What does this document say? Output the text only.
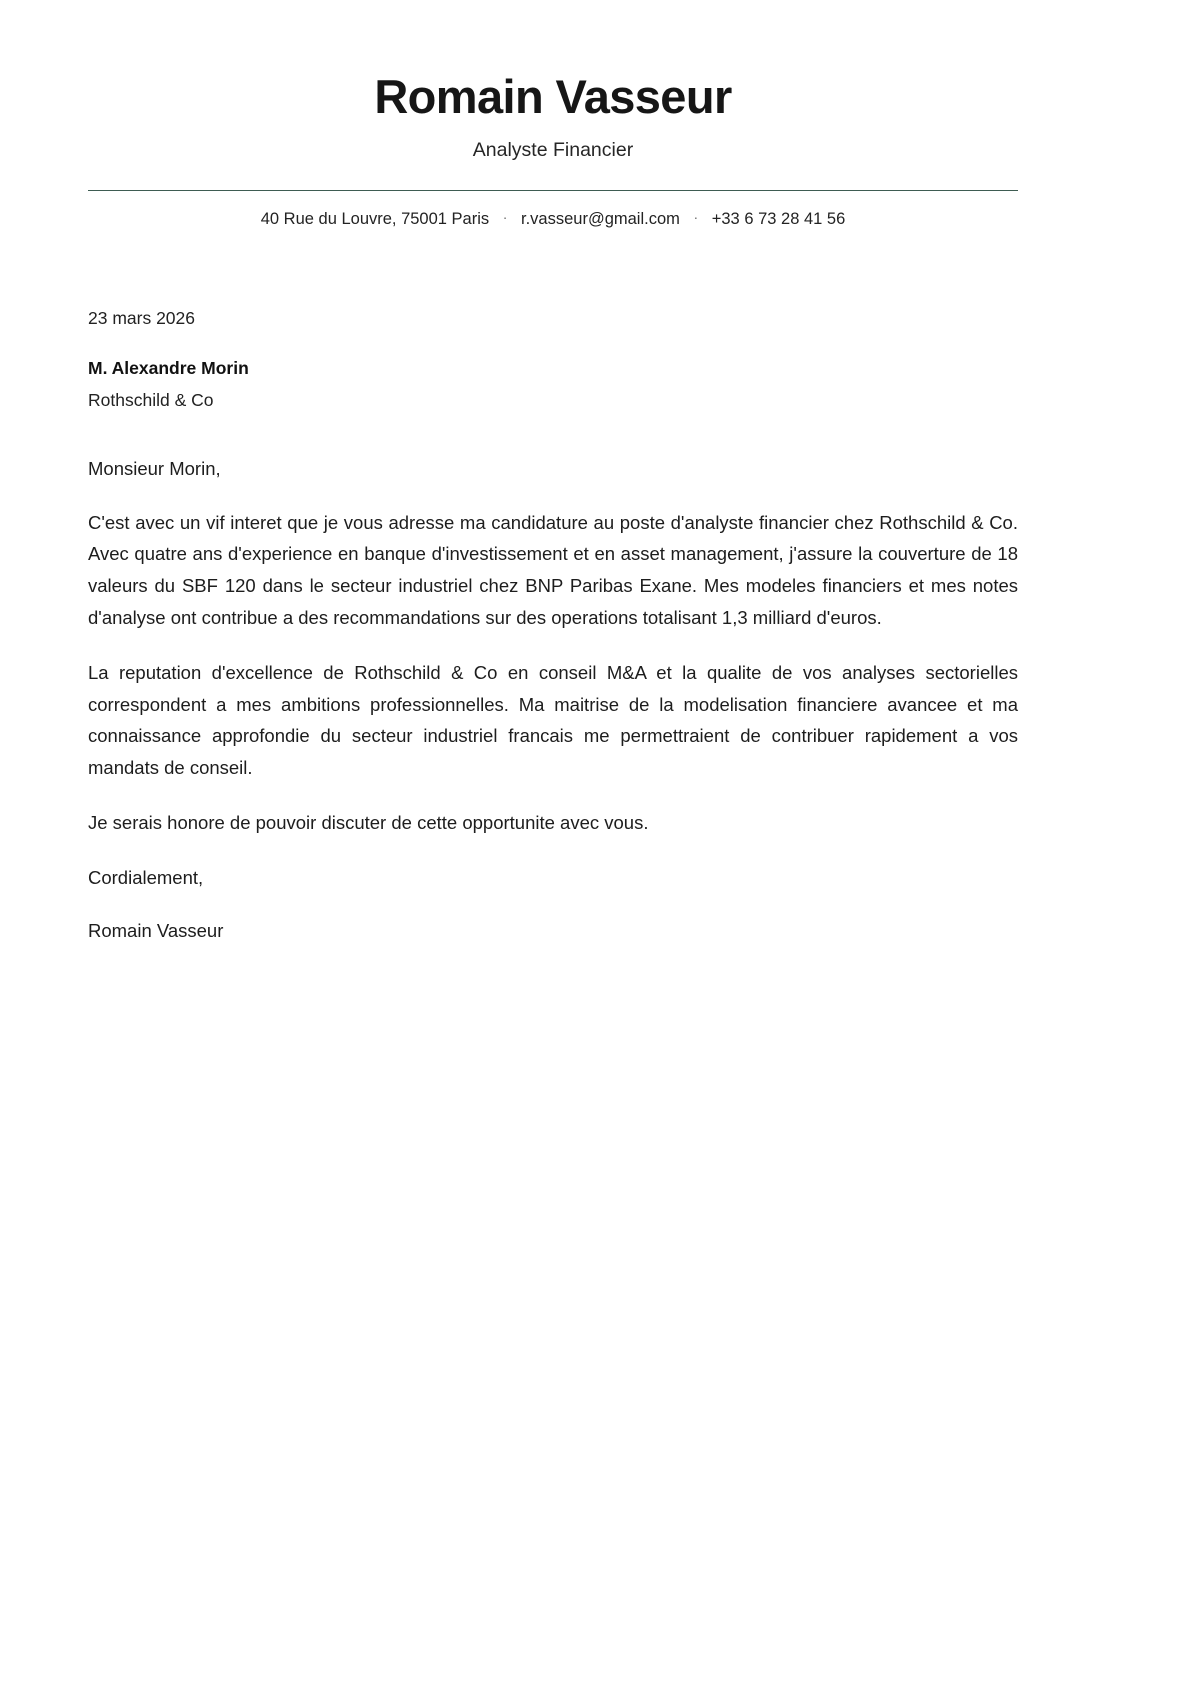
Romain Vasseur
Analyste Financier
40 Rue du Louvre, 75001 Paris · r.vasseur@gmail.com · +33 6 73 28 41 56
23 mars 2026
M. Alexandre Morin
Rothschild & Co
Monsieur Morin,

C'est avec un vif interet que je vous adresse ma candidature au poste d'analyste financier chez Rothschild & Co. Avec quatre ans d'experience en banque d'investissement et en asset management, j'assure la couverture de 18 valeurs du SBF 120 dans le secteur industriel chez BNP Paribas Exane. Mes modeles financiers et mes notes d'analyse ont contribue a des recommandations sur des operations totalisant 1,3 milliard d'euros.

La reputation d'excellence de Rothschild & Co en conseil M&A et la qualite de vos analyses sectorielles correspondent a mes ambitions professionnelles. Ma maitrise de la modelisation financiere avancee et ma connaissance approfondie du secteur industriel francais me permettraient de contribuer rapidement a vos mandats de conseil.

Je serais honore de pouvoir discuter de cette opportunite avec vous.

Cordialement,
Romain Vasseur
